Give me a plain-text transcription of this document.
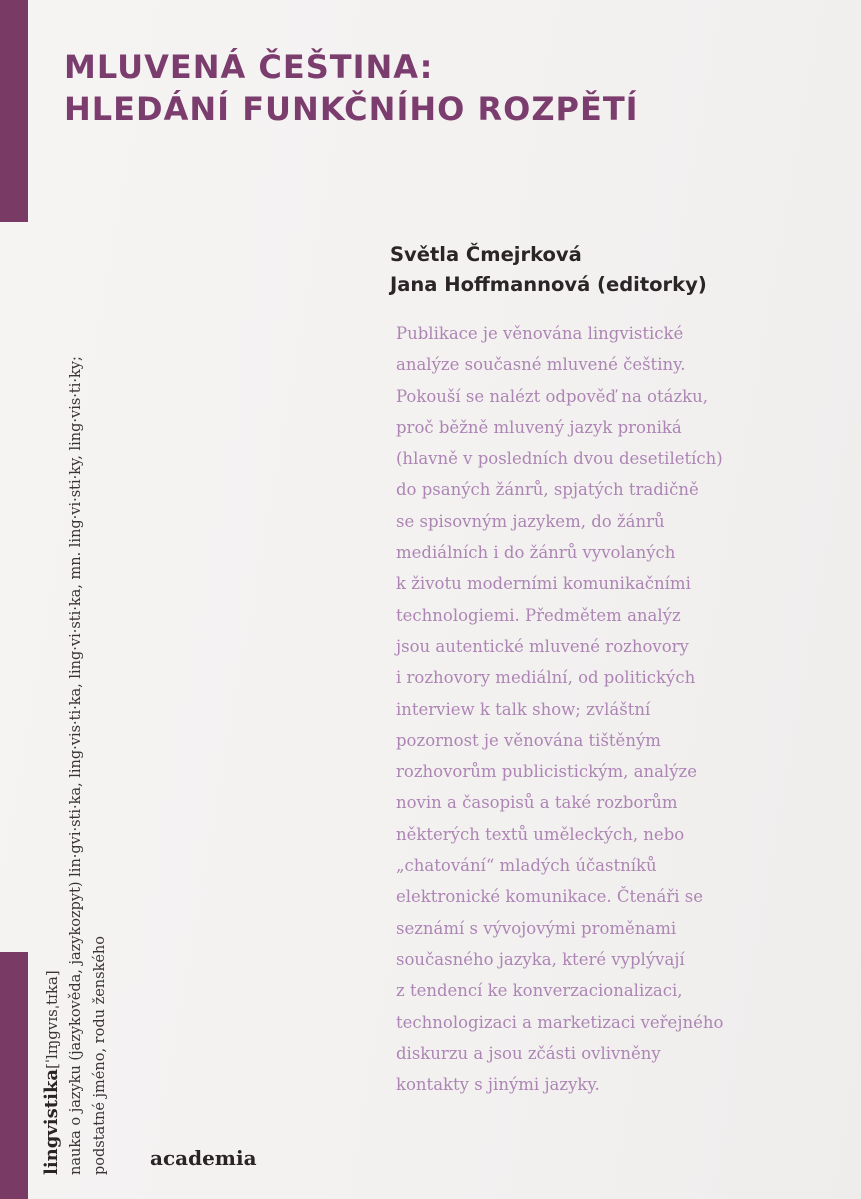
MLUVENÁ ČEŠTINA:
HLEDÁNÍ FUNKČNÍHO ROZPĚTÍ
Světla Čmejrková
Jana Hoffmannová (editorky)
Publikace je věnována lingvistické
analýze současné mluvené češtiny.
Pokouší se nalézt odpověď na otázku,
proč běžně mluvený jazyk proniká
(hlavně v posledních dvou desetiletích)
do psaných žánrů, spjatých tradičně
se spisovným jazykem, do žánrů
mediálních i do žánrů vyvolaných
k životu moderními komunikačními
technologiemi. Předmětem analýz
jsou autentické mluvené rozhovory
i rozhovory mediální, od politických
interview k talk show; zvláštní
pozornost je věnována tištěným
rozhovorům publicistickým, analýze
novin a časopisů a také rozborům
některých textů uměleckých, nebo
„chatování“ mladých účastníků
elektronické komunikace. Čtenáři se
seznámí s vývojovými proměnami
současného jazyka, které vyplývají
z tendencí ke konverzacionalizaci,
technologizaci a marketizaci veřejného
diskurzu a jsou zčásti ovlivněny
kontakty s jinými jazyky.
lingvistika[ˈlɪŋgvɪsˌtɪka] nauka o jazyku (jazykověda, jazykozpyt) lin·gvi·sti·ka, ling·vis·ti·ka, ling·vi·sti·ka, mn. ling·vi·sti·ky, ling·vis·ti·ky; podstatné jméno, rodu ženského academia
